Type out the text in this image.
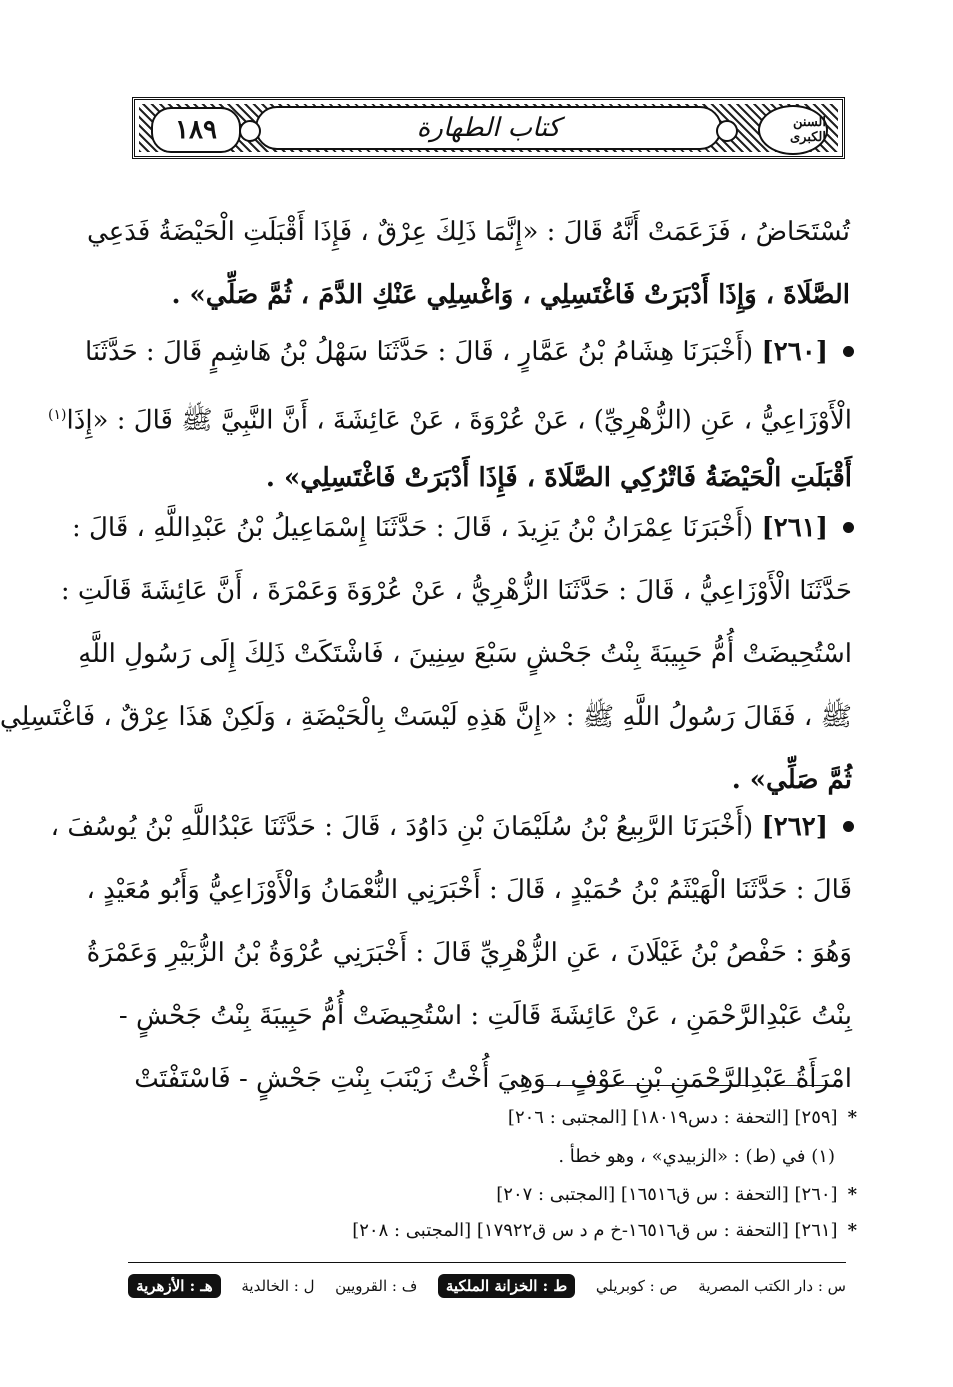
السنن الكبرى
كتاب الطهارة
١٨٩
تُسْتَحَاضُ ، فَزَعَمَتْ أَنَّهُ قَالَ : «إِنَّمَا ذَلِكَ عِرْقٌ ، فَإِذَا أَقْبَلَتِ الْحَيْضَةُ فَدَعِي
الصَّلَاةَ ، وَإِذَا أَدْبَرَتْ فَاغْتَسِلِي ، وَاغْسِلِي عَنْكِ الدَّمَ ، ثُمَّ صَلِّي» .
[٢٦٠] (أَخْبَرَنَا هِشَامُ بْنُ عَمَّارٍ ، قَالَ : حَدَّثَنَا سَهْلُ بْنُ هَاشِمٍ قَالَ : حَدَّثَنَا
الْأَوْزَاعِيُّ ، عَنِ (الزُّهْرِيِّ) ، عَنْ عُرْوَةَ ، عَنْ عَائِشَةَ ، أَنَّ النَّبِيَّ ﷺ قَالَ : «إِذَا$^{(١)}$
أَقْبَلَتِ الْحَيْضَةُ فَاتْرُكِي الصَّلَاةَ ، فَإِذَا أَدْبَرَتْ فَاغْتَسِلِي» .
[٢٦١] (أَخْبَرَنَا عِمْرَانُ بْنُ يَزِيدَ ، قَالَ : حَدَّثَنَا إِسْمَاعِيلُ بْنُ عَبْدِاللَّهِ ، قَالَ :
حَدَّثَنَا الْأَوْزَاعِيُّ ، قَالَ : حَدَّثَنَا الزُّهْرِيُّ ، عَنْ عُرْوَةَ وَعَمْرَةَ ، أَنَّ عَائِشَةَ قَالَتِ :
اسْتُحِيضَتْ أُمُّ حَبِيبَةَ بِنْتُ جَحْشٍ سَبْعَ سِنِينَ ، فَاشْتَكَتْ ذَلِكَ إِلَى رَسُولِ اللَّهِ
ﷺ ، فَقَالَ رَسُولُ اللَّهِ ﷺ : «إِنَّ هَذِهِ لَيْسَتْ بِالْحَيْضَةِ ، وَلَكِنْ هَذَا عِرْقٌ ، فَاغْتَسِلِي
ثُمَّ صَلِّي» .
[٢٦٢] (أَخْبَرَنَا الرَّبِيعُ بْنُ سُلَيْمَانَ بْنِ دَاوُدَ ، قَالَ : حَدَّثَنَا عَبْدُاللَّهِ بْنُ يُوسُفَ ،
قَالَ : حَدَّثَنَا الْهَيْثَمُ بْنُ حُمَيْدٍ ، قَالَ : أَخْبَرَنِي النُّعْمَانُ وَالْأَوْزَاعِيُّ وَأَبُو مُعَيْدٍ ،
وَهُوَ : حَفْصُ بْنُ غَيْلَانَ ، عَنِ الزُّهْرِيِّ قَالَ : أَخْبَرَنِي عُرْوَةُ بْنُ الزُّبَيْرِ وَعَمْرَةُ
بِنْتُ عَبْدِالرَّحْمَنِ ، عَنْ عَائِشَةَ قَالَتِ : اسْتُحِيضَتْ أُمُّ حَبِيبَةَ بِنْتُ جَحْشٍ -
امْرَأَةُ عَبْدِالرَّحْمَنِ بْنِ عَوْفٍ ، وَهِيَ أُخْتُ زَيْنَبَ بِنْتِ جَحْشٍ - فَاسْتَفْتَتْ
*[٢٥٩] [التحفة : دس١٨٠١٩] [المجتبى : ٢٠٦]
(١) في (ط) : «الزبيدي» ، وهو خطأ .
*[٢٦٠] [التحفة : س ق١٦٥١٦] [المجتبى : ٢٠٧]
*[٢٦١] [التحفة : س ق١٦٥١٦-خ م د س ق١٧٩٢٢] [المجتبى : ٢٠٨]
س : دار الكتب المصرية
ص : كوبريلي
ط : الخزانة الملكية
ف : القرويين
ل : الخالدية
هـ : الأزهرية
